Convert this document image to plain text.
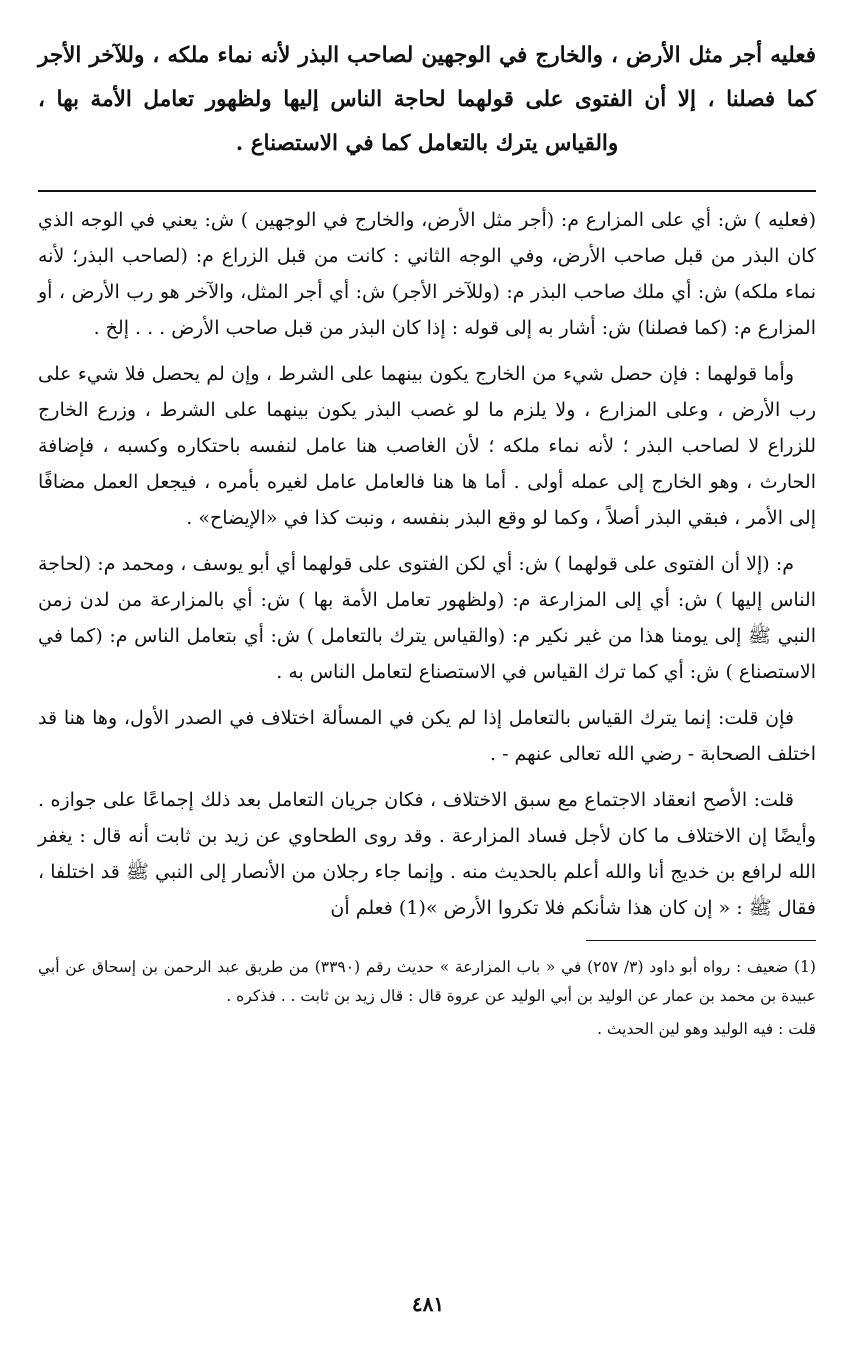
فعليه أجر مثل الأرض ، والخارج في الوجهين لصاحب البذر لأنه نماء ملكه ، وللآخر الأجر كما فصلنا ، إلا أن الفتوى على قولهما لحاجة الناس إليها ولظهور تعامل الأمة بها ، والقياس يترك بالتعامل كما في الاستصناع .

(فعليه ) ش: أي على المزارع م: (أجر مثل الأرض، والخارج في الوجهين ) ش: يعني في الوجه الذي كان البذر من قبل صاحب الأرض، وفي الوجه الثاني : كانت من قبل الزراع م: (لصاحب البذر؛ لأنه نماء ملكه) ش: أي ملك صاحب البذر م: (وللآخر الأجر) ش: أي أجر المثل، والآخر هو رب الأرض ، أو المزارع م: (كما فصلنا) ش: أشار به إلى قوله : إذا كان البذر من قبل صاحب الأرض . . . إلخ .

وأما قولهما : فإن حصل شيء من الخارج يكون بينهما على الشرط ، وإن لم يحصل فلا شيء على رب الأرض ، وعلى المزارع ، ولا يلزم ما لو غصب البذر يكون بينهما على الشرط ، وزرع الخارج للزراع لا لصاحب البذر ؛ لأنه نماء ملكه ؛ لأن الغاصب هنا عامل لنفسه باحتكاره وكسبه ، فإضافة الحارث ، وهو الخارج إلى عمله أولى . أما ها هنا فالعامل عامل لغيره بأمره ، فيجعل العمل مضافًا إلى الأمر ، فبقي البذر أصلاً ، وكما لو وقع البذر بنفسه ، ونبت كذا في «الإيضاح» .

م: (إلا أن الفتوى على قولهما ) ش: أي لكن الفتوى على قولهما أي أبو يوسف ، ومحمد م: (لحاجة الناس إليها ) ش: أي إلى المزارعة م: (ولظهور تعامل الأمة بها ) ش: أي بالمزارعة من لدن زمن النبي ﷺ إلى يومنا هذا من غير نكير م: (والقياس يترك بالتعامل ) ش: أي بتعامل الناس م: (كما في الاستصناع ) ش: أي كما ترك القياس في الاستصناع لتعامل الناس به .

فإن قلت: إنما يترك القياس بالتعامل إذا لم يكن في المسألة اختلاف في الصدر الأول، وها هنا قد اختلف الصحابة - رضي الله تعالى عنهم - .

قلت: الأصح انعقاد الاجتماع مع سبق الاختلاف ، فكان جريان التعامل بعد ذلك إجماعًا على جوازه . وأيضًا إن الاختلاف ما كان لأجل فساد المزارعة . وقد روى الطحاوي عن زيد بن ثابت أنه قال : يغفر الله لرافع بن خديج أنا والله أعلم بالحديث منه . وإنما جاء رجلان من الأنصار إلى النبي ﷺ قد اختلفا ، فقال ﷺ : « إن كان هذا شأنكم فلا تكروا الأرض »(1) فعلم أن

(1) ضعيف : رواه أبو داود (٣/ ٢٥٧) في « باب المزارعة » حديث رقم (٣٣٩٠) من طريق عبد الرحمن بن إسحاق عن أبي عبيدة بن محمد بن عمار عن الوليد بن أبي الوليد عن عروة قال : قال زيد بن ثابت . . فذكره .

قلت : فيه الوليد وهو لين الحديث .

٤٨١
